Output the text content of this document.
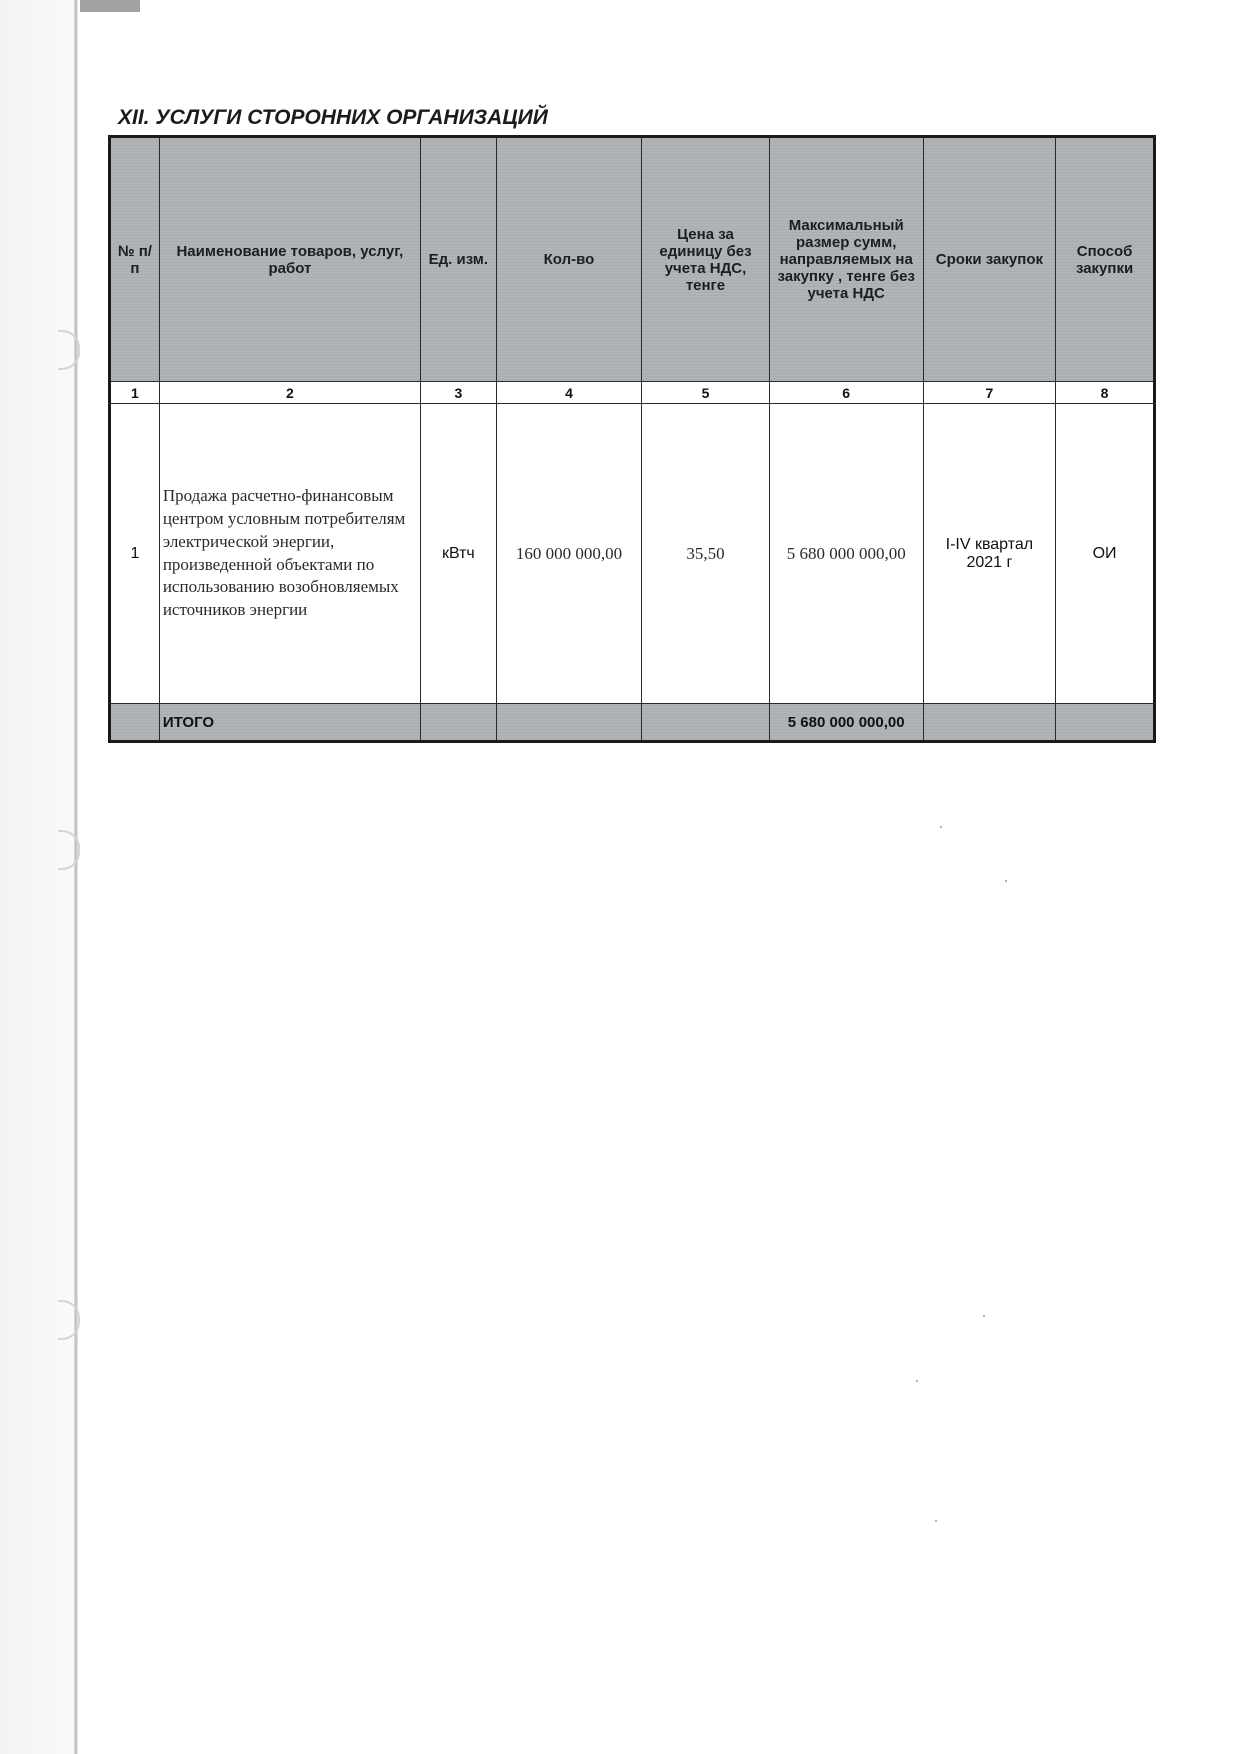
XII. УСЛУГИ СТОРОННИХ ОРГАНИЗАЦИЙ
№ п/п	Наименование товаров, услуг, работ	Ед. изм.	Кол-во	Цена за единицу без учета НДС, тенге	Максимальный размер сумм, направляемых на закупку , тенге без учета НДС	Сроки закупок	Способ закупки
1	2	3	4	5	6	7	8
1	Продажа расчетно-финансовым центром условным потребителям электрической энергии, произведенной объектами по использованию возобновляемых источников энергии	кВтч	160 000 000,00	35,50	5 680 000 000,00	I-IV квартал 2021 г	ОИ
	ИТОГО				5 680 000 000,00		
